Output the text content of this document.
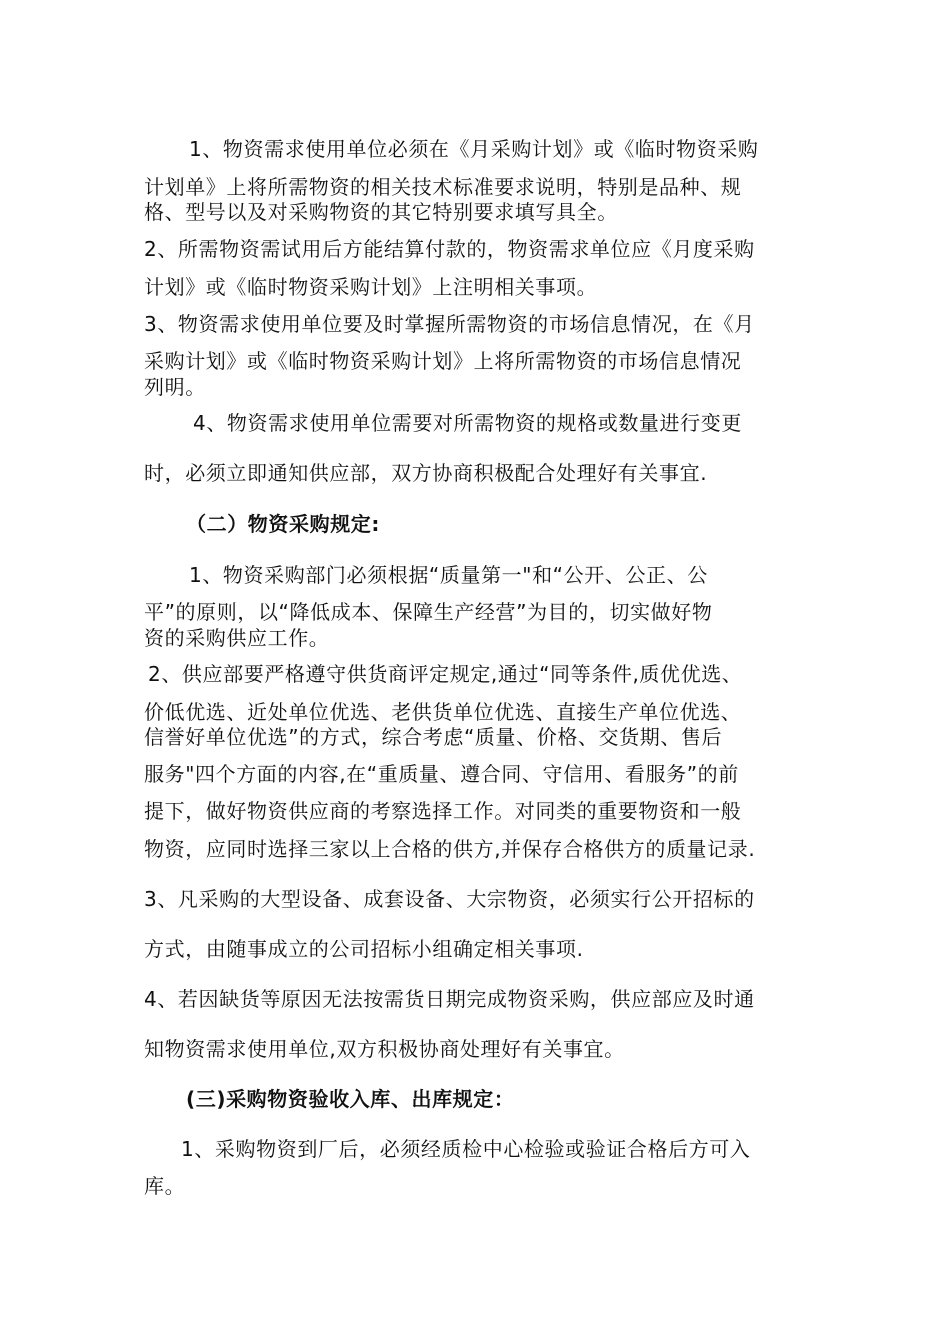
1、物资需求使用单位必须在《月采购计划》或《临时物资采购
计划单》上将所需物资的相关技术标准要求说明，特别是品种、规
格、型号以及对采购物资的其它特别要求填写具全。
2、所需物资需试用后方能结算付款的，物资需求单位应《月度采购
计划》或《临时物资采购计划》上注明相关事项。
3、物资需求使用单位要及时掌握所需物资的市场信息情况，在《月
采购计划》或《临时物资采购计划》上将所需物资的市场信息情况
列明。
4、物资需求使用单位需要对所需物资的规格或数量进行变更
时，必须立即通知供应部，双方协商积极配合处理好有关事宜.
（二）物资采购规定:
1、物资采购部门必须根据“质量第一"和“公开、公正、公
平”的原则，以“降低成本、保障生产经营”为目的，切实做好物
资的采购供应工作。
2、供应部要严格遵守供货商评定规定,通过“同等条件,质优优选、
价低优选、近处单位优选、老供货单位优选、直接生产单位优选、
信誉好单位优选”的方式，综合考虑“质量、价格、交货期、售后
服务"四个方面的内容,在“重质量、遵合同、守信用、看服务”的前
提下，做好物资供应商的考察选择工作。对同类的重要物资和一般
物资，应同时选择三家以上合格的供方,并保存合格供方的质量记录.
3、凡采购的大型设备、成套设备、大宗物资，必须实行公开招标的
方式，由随事成立的公司招标小组确定相关事项.
4、若因缺货等原因无法按需货日期完成物资采购，供应部应及时通
知物资需求使用单位,双方积极协商处理好有关事宜。
(三)采购物资验收入库、出库规定：
1、采购物资到厂后，必须经质检中心检验或验证合格后方可入
库。
